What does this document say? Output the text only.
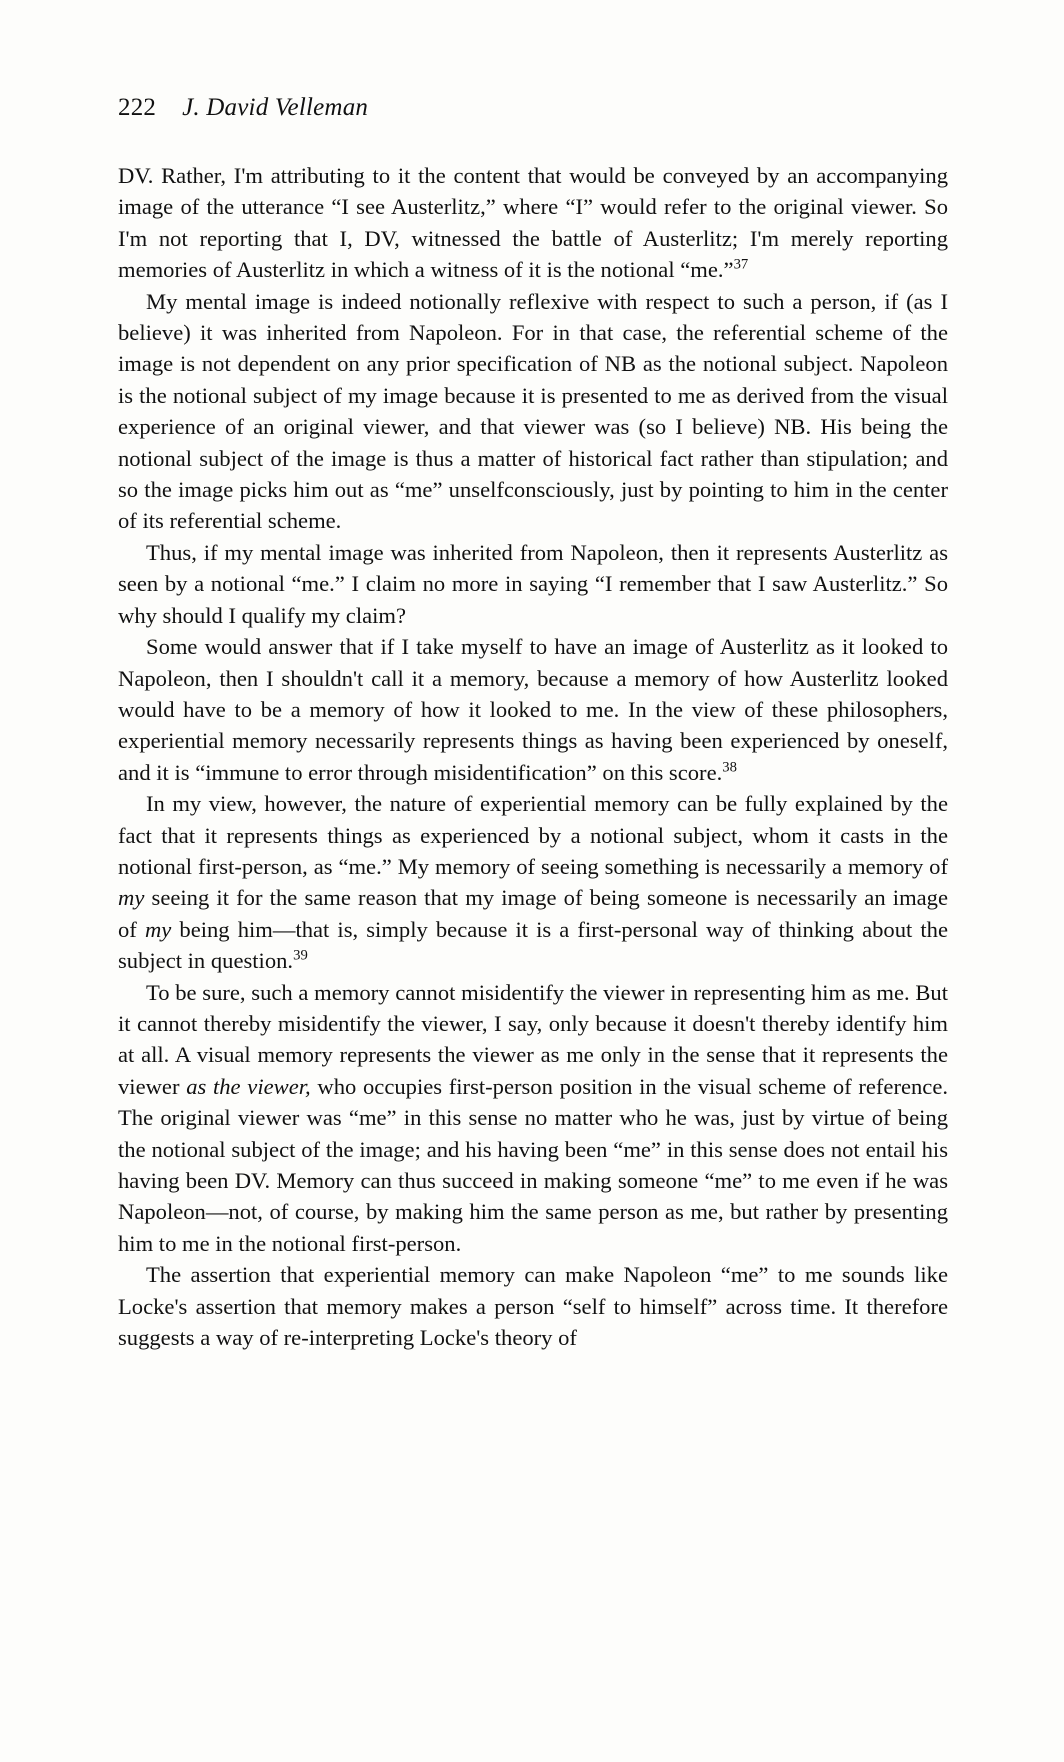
222 J. David Velleman

DV. Rather, I'm attributing to it the content that would be conveyed by an accompanying image of the utterance “I see Austerlitz,” where “I” would refer to the original viewer. So I'm not reporting that I, DV, witnessed the battle of Austerlitz; I'm merely reporting memories of Austerlitz in which a witness of it is the notional “me.”$^{37}$

My mental image is indeed notionally reflexive with respect to such a person, if (as I believe) it was inherited from Napoleon. For in that case, the referential scheme of the image is not dependent on any prior specification of NB as the notional subject. Napoleon is the notional subject of my image because it is presented to me as derived from the visual experience of an original viewer, and that viewer was (so I believe) NB. His being the notional subject of the image is thus a matter of historical fact rather than stipulation; and so the image picks him out as “me” unselfconsciously, just by pointing to him in the center of its referential scheme.

Thus, if my mental image was inherited from Napoleon, then it represents Austerlitz as seen by a notional “me.” I claim no more in saying “I remember that I saw Austerlitz.” So why should I qualify my claim?

Some would answer that if I take myself to have an image of Austerlitz as it looked to Napoleon, then I shouldn't call it a memory, because a memory of how Austerlitz looked would have to be a memory of how it looked to me. In the view of these philosophers, experiential memory necessarily represents things as having been experienced by oneself, and it is “immune to error through misidentification” on this score.$^{38}$

In my view, however, the nature of experiential memory can be fully explained by the fact that it represents things as experienced by a notional subject, whom it casts in the notional first-person, as “me.” My memory of seeing something is necessarily a memory of my seeing it for the same reason that my image of being someone is necessarily an image of my being him—that is, simply because it is a first-personal way of thinking about the subject in question.$^{39}$

To be sure, such a memory cannot misidentify the viewer in representing him as me. But it cannot thereby misidentify the viewer, I say, only because it doesn't thereby identify him at all. A visual memory represents the viewer as me only in the sense that it represents the viewer as the viewer, who occupies first-person position in the visual scheme of reference. The original viewer was “me” in this sense no matter who he was, just by virtue of being the notional subject of the image; and his having been “me” in this sense does not entail his having been DV. Memory can thus succeed in making someone “me” to me even if he was Napoleon—not, of course, by making him the same person as me, but rather by presenting him to me in the notional first-person.

The assertion that experiential memory can make Napoleon “me” to me sounds like Locke's assertion that memory makes a person “self to himself” across time. It therefore suggests a way of re-interpreting Locke's theory of
